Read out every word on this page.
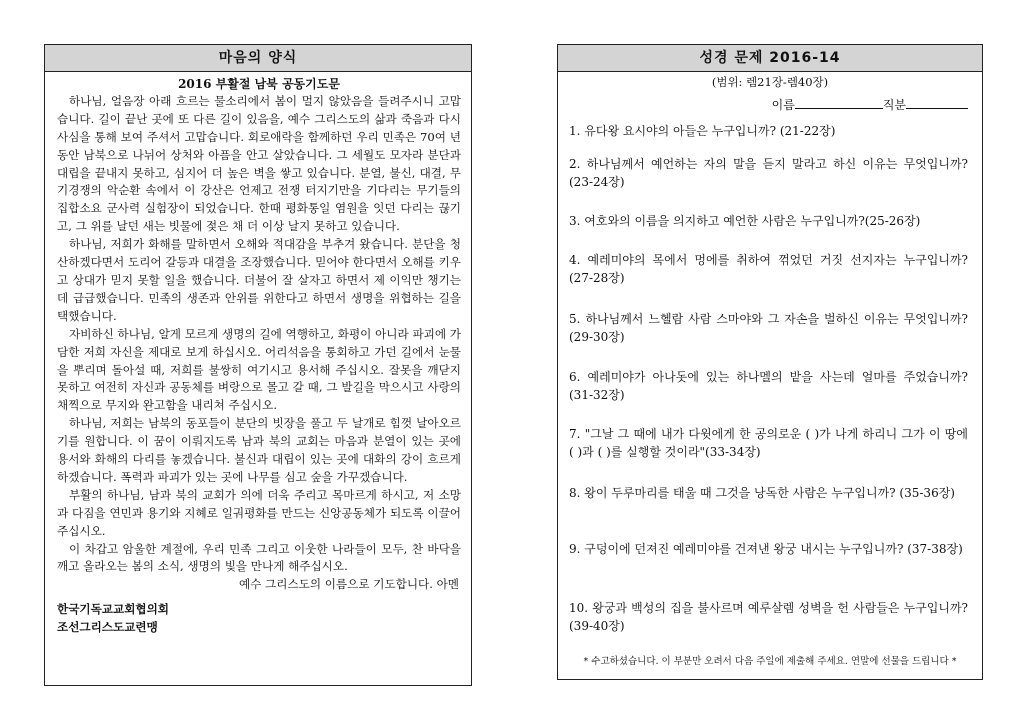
마음의 양식
2016 부활절 남북 공동기도문

하나님, 얼음장 아래 흐르는 물소리에서 봄이 멀지 않았음을 들려주시니 고맙습니다. 길이 끝난 곳에 또 다른 길이 있음을, 예수 그리스도의 삶과 죽음과 다시사심을 통해 보여 주셔서 고맙습니다. 회로애락을 함께하던 우리 민족은 70여 년 동안 남북으로 나뉘어 상처와 아픔을 안고 살았습니다. 그 세월도 모자라 분단과 대립을 끝내지 못하고, 심지어 더 높은 벽을 쌓고 있습니다. 분열, 불신, 대결, 무기경쟁의 악순환 속에서 이 강산은 언제고 전쟁 터지기만을 기다리는 무기들의 집합소요 군사력 실험장이 되었습니다. 한때 평화통일 염원을 잇던 다리는 끊기고, 그 위를 날던 새는 빗물에 젖은 채 더 이상 날지 못하고 있습니다.

하나님, 저희가 화해를 말하면서 오해와 적대감을 부추겨 왔습니다. 분단을 청산하겠다면서 도리어 갈등과 대결을 조장했습니다. 믿어야 한다면서 오해를 키우고 상대가 믿지 못할 일을 했습니다. 더불어 잘 살자고 하면서 제 이익만 챙기는 데 급급했습니다. 민족의 생존과 안위를 위한다고 하면서 생명을 위협하는 길을 택했습니다.

자비하신 하나님, 알게 모르게 생명의 길에 역행하고, 화평이 아니라 파괴에 가담한 저희 자신을 제대로 보게 하십시오. 어리석음을 통회하고 가던 길에서 눈물을 뿌리며 돌아설 때, 저희를 불쌍히 여기시고 용서해 주십시오. 잘못을 깨닫지 못하고 여전히 자신과 공동체를 벼랑으로 몰고 갈 때, 그 발길을 막으시고 사랑의 채찍으로 무지와 완고함을 내리쳐 주십시오.

하나님, 저희는 남북의 동포들이 분단의 빗장을 풀고 두 날개로 힘껏 날아오르기를 원합니다. 이 꿈이 이뤄지도록 남과 북의 교회는 마음과 분열이 있는 곳에 용서와 화해의 다리를 놓겠습니다. 불신과 대립이 있는 곳에 대화의 강이 흐르게 하겠습니다. 폭력과 파괴가 있는 곳에 나무를 심고 숲을 가꾸겠습니다.

부활의 하나님, 남과 북의 교회가 의에 더욱 주리고 목마르게 하시고, 저 소망과 다짐을 연민과 용기와 지혜로 일궈평화를 만드는 신앙공동체가 되도록 이끌어 주십시오.

이 차갑고 암울한 계절에, 우리 민족 그리고 이웃한 나라들이 모두, 찬 바닥을 깨고 올라오는 봄의 소식, 생명의 빛을 만나게 해주십시오.

예수 그리스도의 이름으로 기도합니다. 아멘

한국기독교교회협의회

조선그리스도교련맹

성경 문제 2016-14
(범위: 렘21장-렘40장)
이름	직분
1. 유다왕 요시야의 아들은 누구입니까? (21-22장)
2. 하나님께서 예언하는 자의 말을 듣지 말라고 하신 이유는 무엇입니까? (23-24장)
3. 여호와의 이름을 의지하고 예언한 사람은 누구입니까?(25-26장)
4. 예레미야의 목에서 멍에를 취하여 꺾었던 거짓 선지자는 누구입니까? (27-28장)
5. 하나님께서 느헬람 사람 스마야와 그 자손을 벌하신 이유는 무엇입니까? (29-30장)
6. 예레미야가 아나돗에 있는 하나멜의 밭을 사는데 얼마를 주었습니까? (31-32장)
7. "그날 그 때에 내가 다윗에게 한 공의로운 ( )가 나게 하리니 그가 이 땅에 ( )과 ( )를 실행할 것이라"(33-34장)
8. 왕이 두루마리를 태울 때 그것을 낭독한 사람은 누구입니까? (35-36장)
9. 구덩이에 던져진 예레미야를 건져낸 왕궁 내시는 누구입니까? (37-38장)
10. 왕궁과 백성의 집을 불사르며 예루살렘 성벽을 헌 사람들은 누구입니까? (39-40장)
* 수고하셨습니다. 이 부분만 오려서 다음 주일에 제출해 주세요. 연말에 선물을 드립니다 *
